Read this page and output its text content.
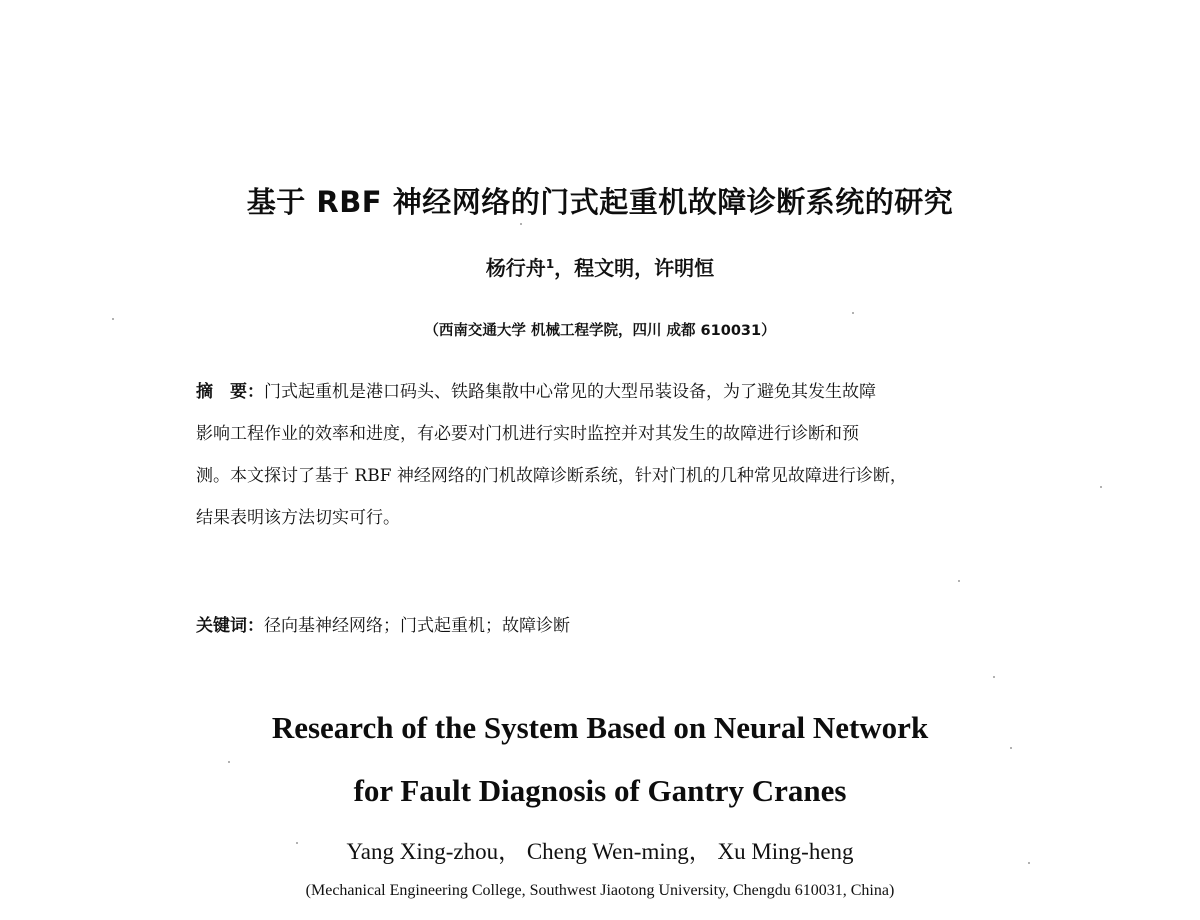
基于 RBF 神经网络的门式起重机故障诊断系统的研究
杨行舟$^1$，程文明，许明恒
（西南交通大学 机械工程学院，四川 成都 610031）
摘　要：门式起重机是港口码头、铁路集散中心常见的大型吊装设备，为了避免其发生故障
影响工程作业的效率和进度，有必要对门机进行实时监控并对其发生的故障进行诊断和预
测。本文探讨了基于 RBF 神经网络的门机故障诊断系统，针对门机的几种常见故障进行诊断，
结果表明该方法切实可行。
关键词：径向基神经网络；门式起重机；故障诊断
Research of the System Based on Neural Network
for Fault Diagnosis of Gantry Cranes
Yang Xing-zhou， Cheng Wen-ming， Xu Ming-heng
(Mechanical Engineering College, Southwest Jiaotong University, Chengdu 610031, China)
